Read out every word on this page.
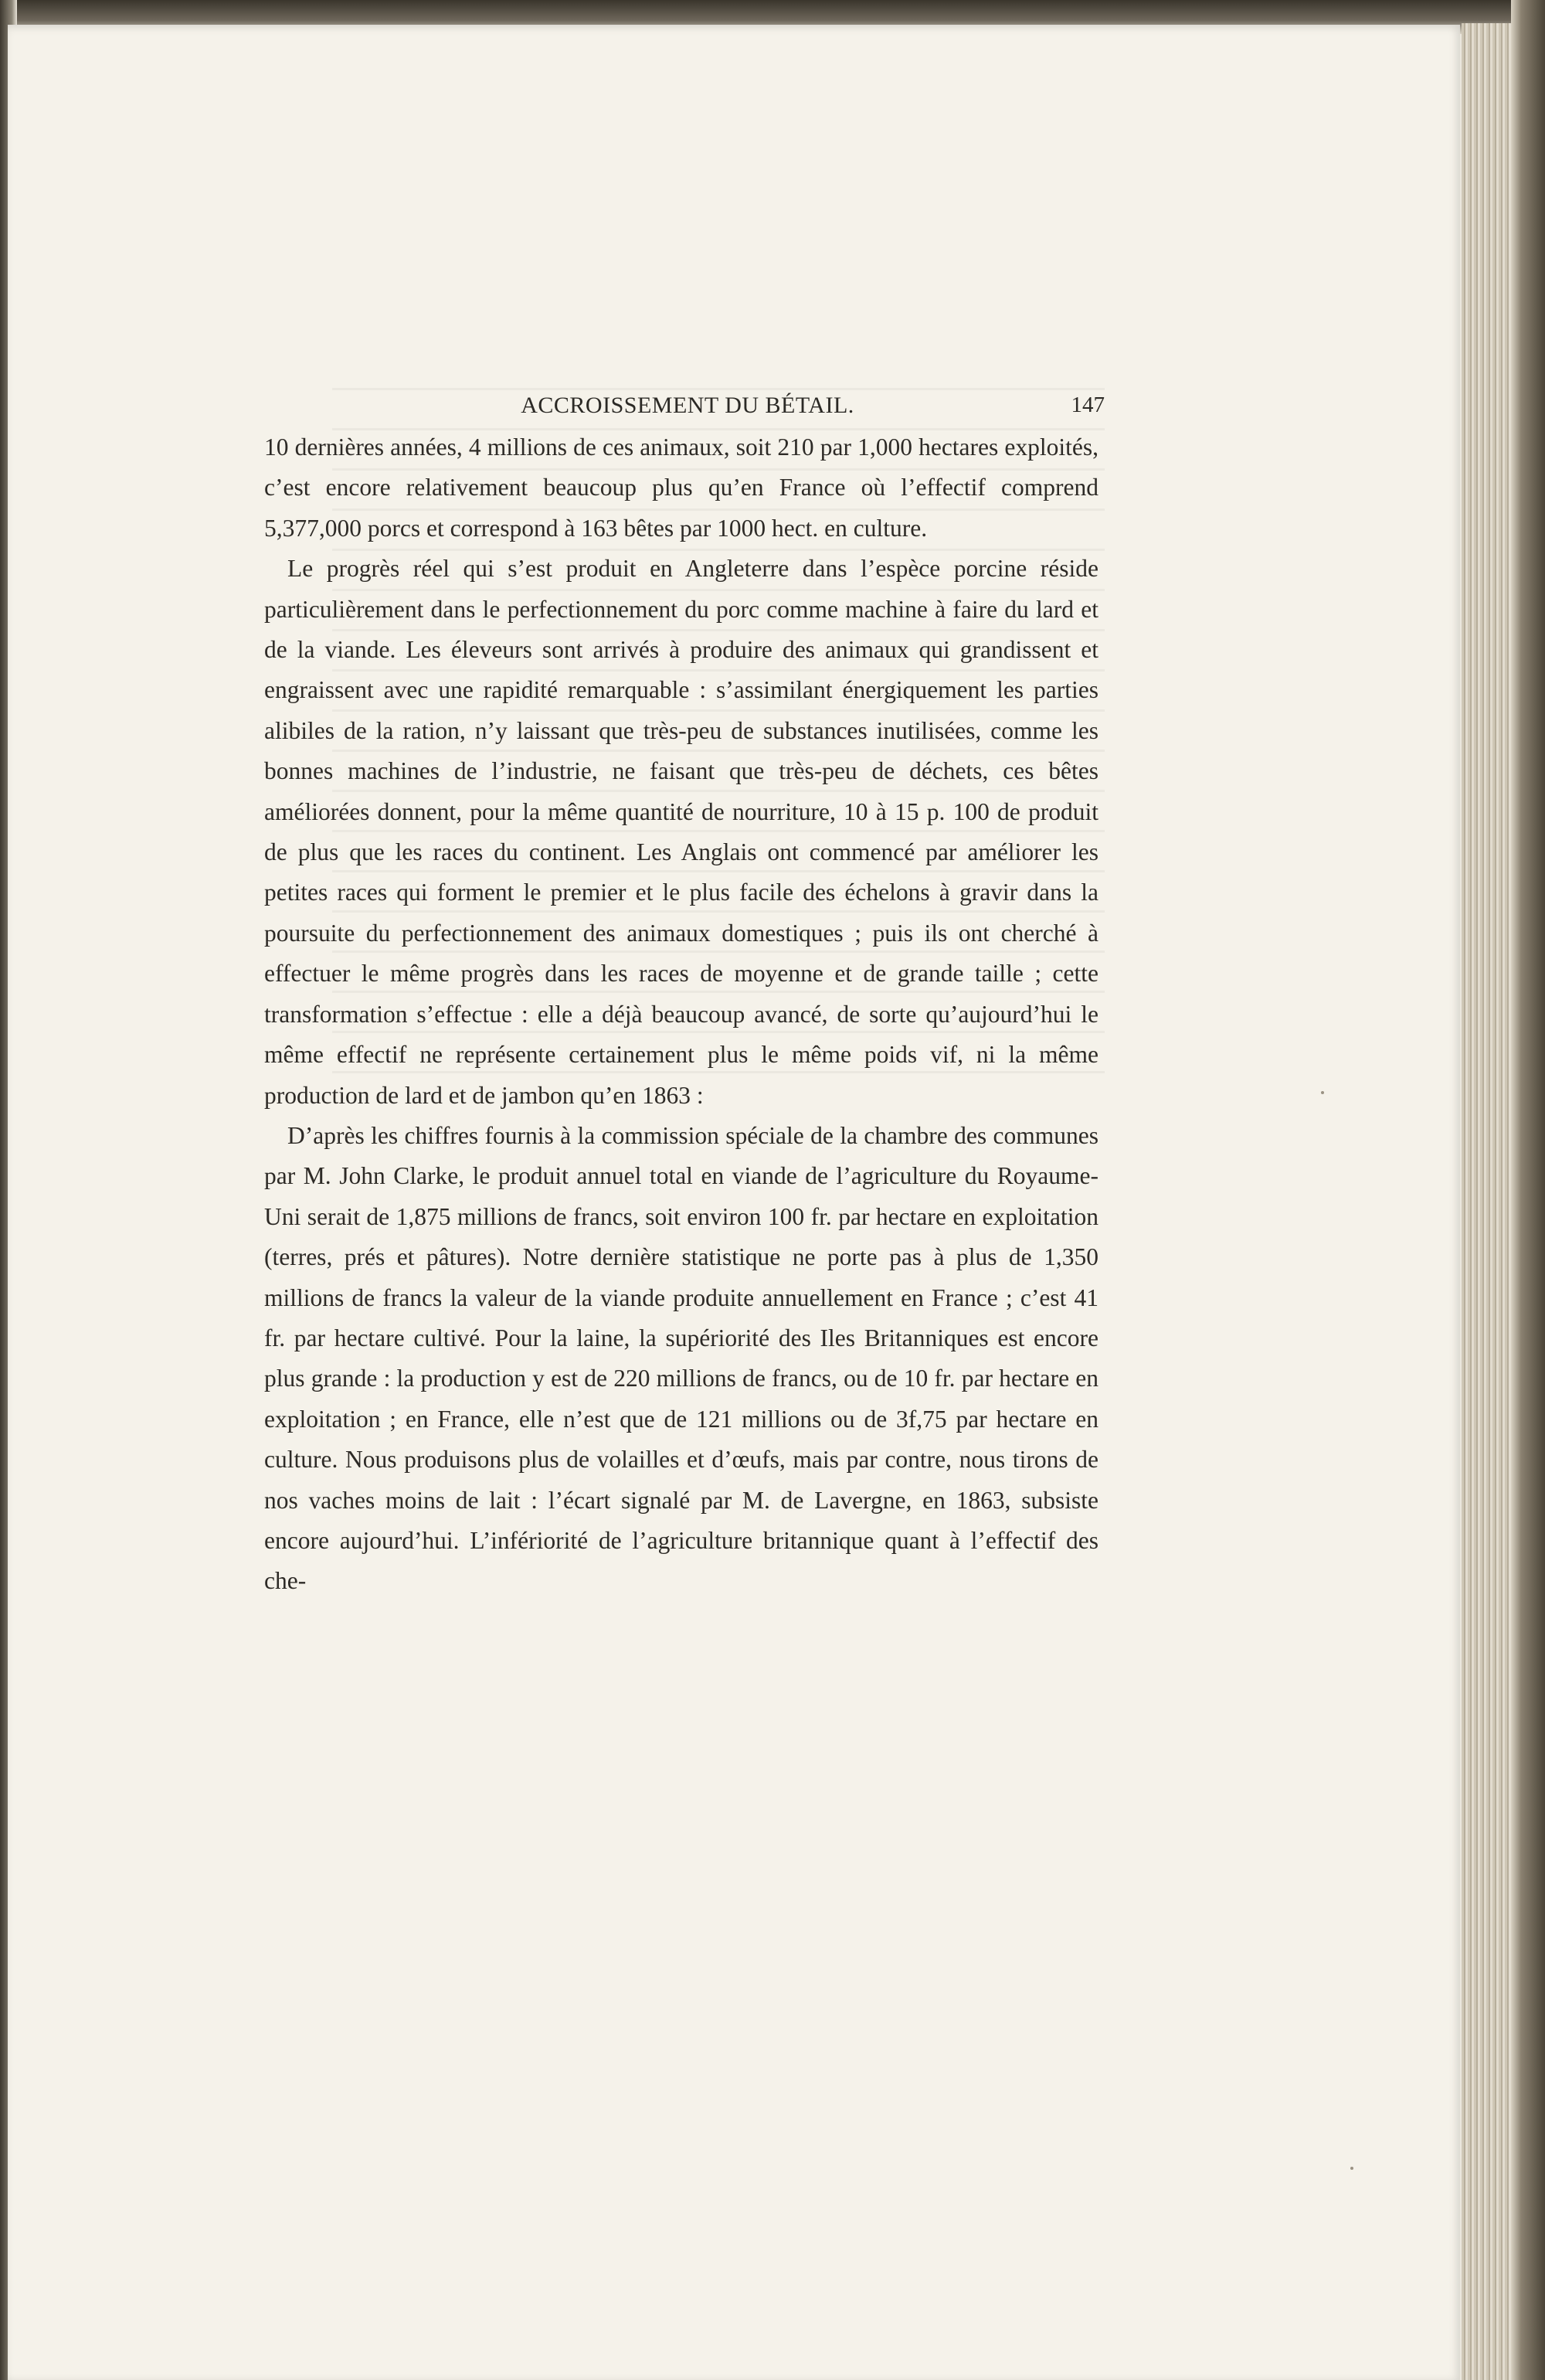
ACCROISSEMENT DU BÉTAIL.	147

10 dernières années, 4 millions de ces animaux, soit 210 par 1,000 hectares exploités, c’est encore relativement beaucoup plus qu’en France où l’effectif comprend 5,377,000 porcs et correspond à 163 bêtes par 1000 hect. en culture.

Le progrès réel qui s’est produit en Angleterre dans l’espèce porcine réside particulièrement dans le perfectionnement du porc comme machine à faire du lard et de la viande. Les éleveurs sont arrivés à produire des animaux qui grandissent et engraissent avec une rapidité remarquable : s’assimilant énergiquement les parties alibiles de la ration, n’y laissant que très-peu de substances inutilisées, comme les bonnes machines de l’industrie, ne faisant que très-peu de déchets, ces bêtes améliorées donnent, pour la même quantité de nourriture, 10 à 15 p. 100 de produit de plus que les races du continent. Les Anglais ont commencé par améliorer les petites races qui forment le premier et le plus facile des échelons à gravir dans la poursuite du perfectionnement des animaux domestiques ; puis ils ont cherché à effectuer le même progrès dans les races de moyenne et de grande taille ; cette transformation s’effectue : elle a déjà beaucoup avancé, de sorte qu’aujourd’hui le même effectif ne représente certainement plus le même poids vif, ni la même production de lard et de jambon qu’en 1863 :

D’après les chiffres fournis à la commission spéciale de la chambre des communes par M. John Clarke, le produit annuel total en viande de l’agriculture du Royaume-Uni serait de 1,875 millions de francs, soit environ 100 fr. par hectare en exploitation (terres, prés et pâtures). Notre dernière statistique ne porte pas à plus de 1,350 millions de francs la valeur de la viande produite annuellement en France ; c’est 41 fr. par hectare cultivé. Pour la laine, la supériorité des Iles Britanniques est encore plus grande : la production y est de 220 millions de francs, ou de 10 fr. par hectare en exploitation ; en France, elle n’est que de 121 millions ou de 3f,75 par hectare en culture. Nous produisons plus de volailles et d’œufs, mais par contre, nous tirons de nos vaches moins de lait : l’écart signalé par M. de Lavergne, en 1863, subsiste encore aujourd’hui. L’infériorité de l’agriculture britannique quant à l’effectif des che-
